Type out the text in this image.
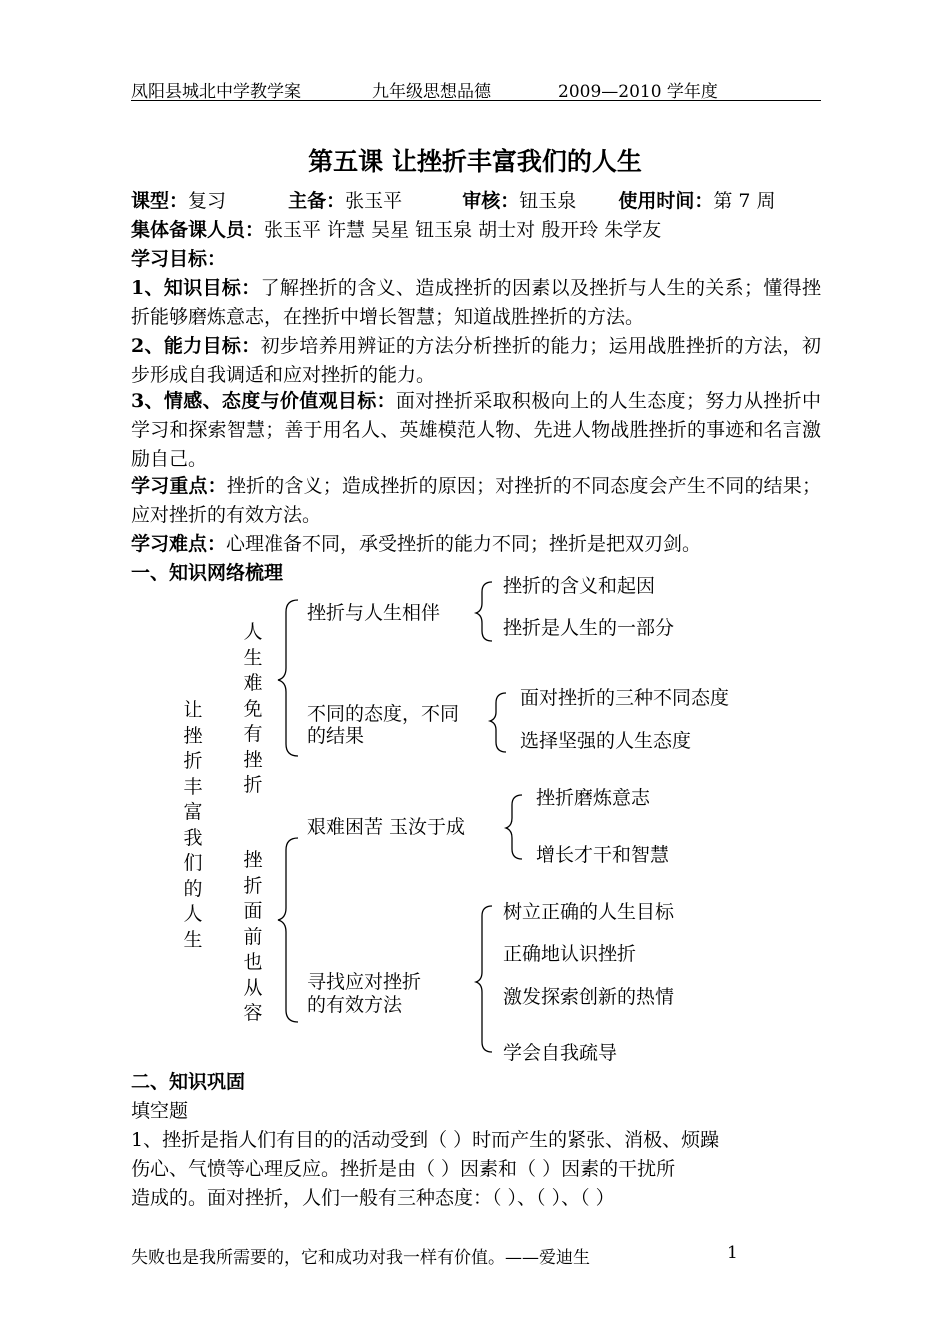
凤阳县城北中学教学案	九年级思想品德	2009—2010 学年度
第五课 让挫折丰富我们的人生
课型：复习	主备：张玉平	审核：钮玉泉 使用时间：第 7 周
集体备课人员：张玉平 许慧 吴星 钮玉泉 胡士对 殷开玲 朱学友
学习目标：
1、知识目标：了解挫折的含义、造成挫折的因素以及挫折与人生的关系；懂得挫折能够磨炼意志，在挫折中增长智慧；知道战胜挫折的方法。
2、能力目标：初步培养用辨证的方法分析挫折的能力；运用战胜挫折的方法，初步形成自我调适和应对挫折的能力。
3、情感、态度与价值观目标：面对挫折采取积极向上的人生态度；努力从挫折中学习和探索智慧；善于用名人、英雄模范人物、先进人物战胜挫折的事迹和名言激励自己。
学习重点：挫折的含义；造成挫折的原因；对挫折的不同态度会产生不同的结果；应对挫折的有效方法。
学习难点：心理准备不同，承受挫折的能力不同；挫折是把双刃剑。
一、知识网络梳理
让挫折丰富我们的人生
人生难免有挫折
挫折面前也从容
挫折与人生相伴
挫折的含义和起因
挫折是人生的一部分
不同的态度，不同
的结果
面对挫折的三种不同态度
选择坚强的人生态度
艰难困苦 玉汝于成
挫折磨炼意志
增长才干和智慧
寻找应对挫折
的有效方法
树立正确的人生目标
正确地认识挫折
激发探索创新的热情
学会自我疏导
二、知识巩固
填空题
1、挫折是指人们有目的的活动受到（ ）时而产生的紧张、消极、烦躁
伤心、气愤等心理反应。挫折是由（ ）因素和（ ）因素的干扰所
造成的。面对挫折，人们一般有三种态度：（ ）、（ ）、（ ）
失败也是我所需要的，它和成功对我一样有价值。——爱迪生	1
